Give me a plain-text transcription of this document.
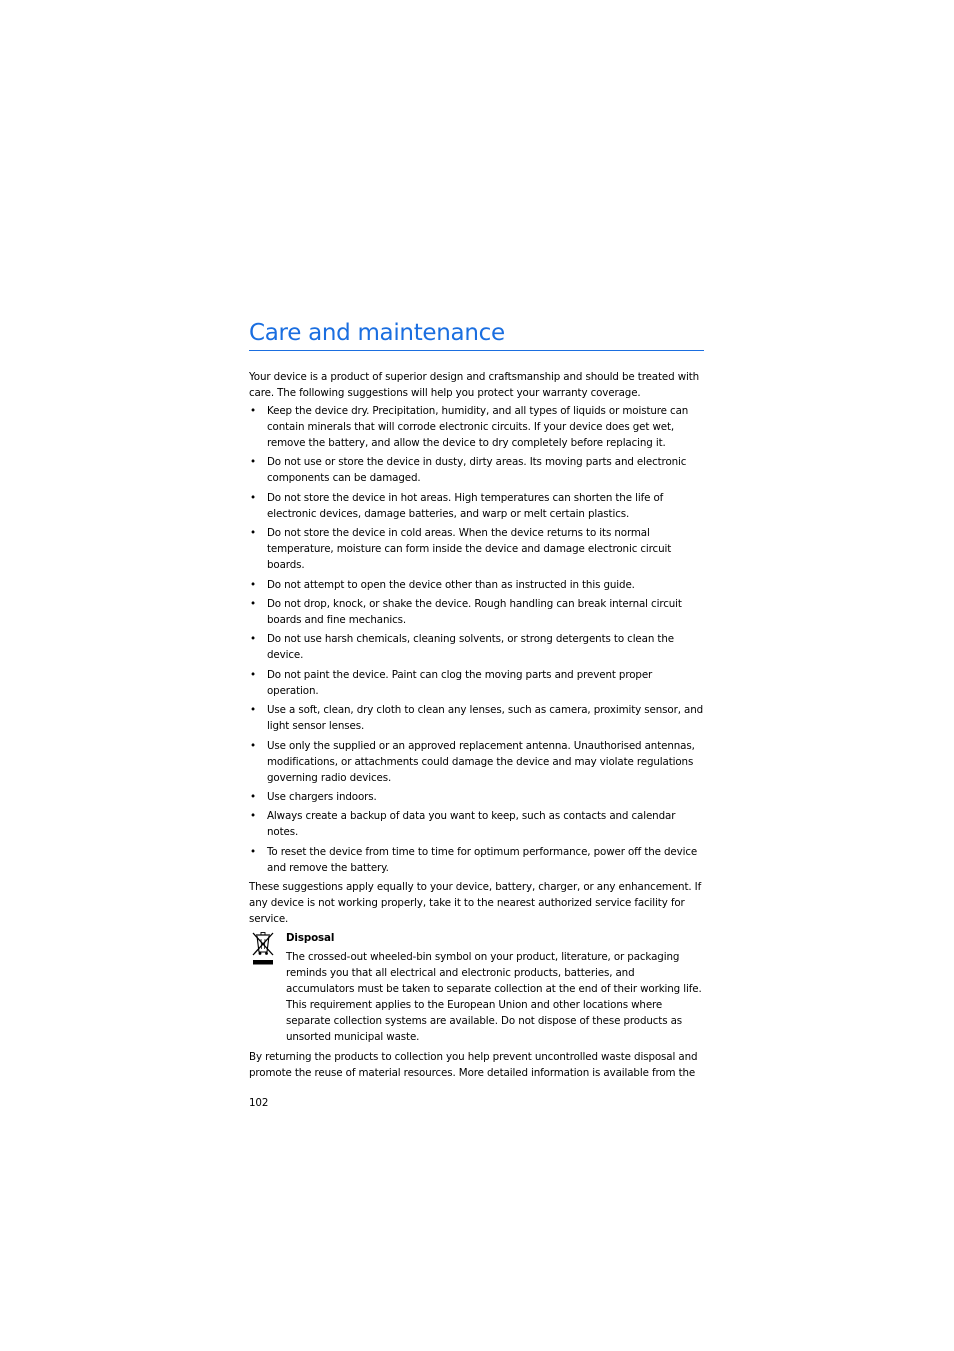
Care and maintenance

Your device is a product of superior design and craftsmanship and should be treated with care. The following suggestions will help you protect your warranty coverage.

• Keep the device dry. Precipitation, humidity, and all types of liquids or moisture can contain minerals that will corrode electronic circuits. If your device does get wet, remove the battery, and allow the device to dry completely before replacing it.
• Do not use or store the device in dusty, dirty areas. Its moving parts and electronic components can be damaged.
• Do not store the device in hot areas. High temperatures can shorten the life of electronic devices, damage batteries, and warp or melt certain plastics.
• Do not store the device in cold areas. When the device returns to its normal temperature, moisture can form inside the device and damage electronic circuit boards.
• Do not attempt to open the device other than as instructed in this guide.
• Do not drop, knock, or shake the device. Rough handling can break internal circuit boards and fine mechanics.
• Do not use harsh chemicals, cleaning solvents, or strong detergents to clean the device.
• Do not paint the device. Paint can clog the moving parts and prevent proper operation.
• Use a soft, clean, dry cloth to clean any lenses, such as camera, proximity sensor, and light sensor lenses.
• Use only the supplied or an approved replacement antenna. Unauthorised antennas, modifications, or attachments could damage the device and may violate regulations governing radio devices.
• Use chargers indoors.
• Always create a backup of data you want to keep, such as contacts and calendar notes.
• To reset the device from time to time for optimum performance, power off the device and remove the battery.

These suggestions apply equally to your device, battery, charger, or any enhancement. If any device is not working properly, take it to the nearest authorized service facility for service.

Disposal

The crossed-out wheeled-bin symbol on your product, literature, or packaging reminds you that all electrical and electronic products, batteries, and accumulators must be taken to separate collection at the end of their working life. This requirement applies to the European Union and other locations where separate collection systems are available. Do not dispose of these products as unsorted municipal waste.

By returning the products to collection you help prevent uncontrolled waste disposal and promote the reuse of material resources. More detailed information is available from the

102
